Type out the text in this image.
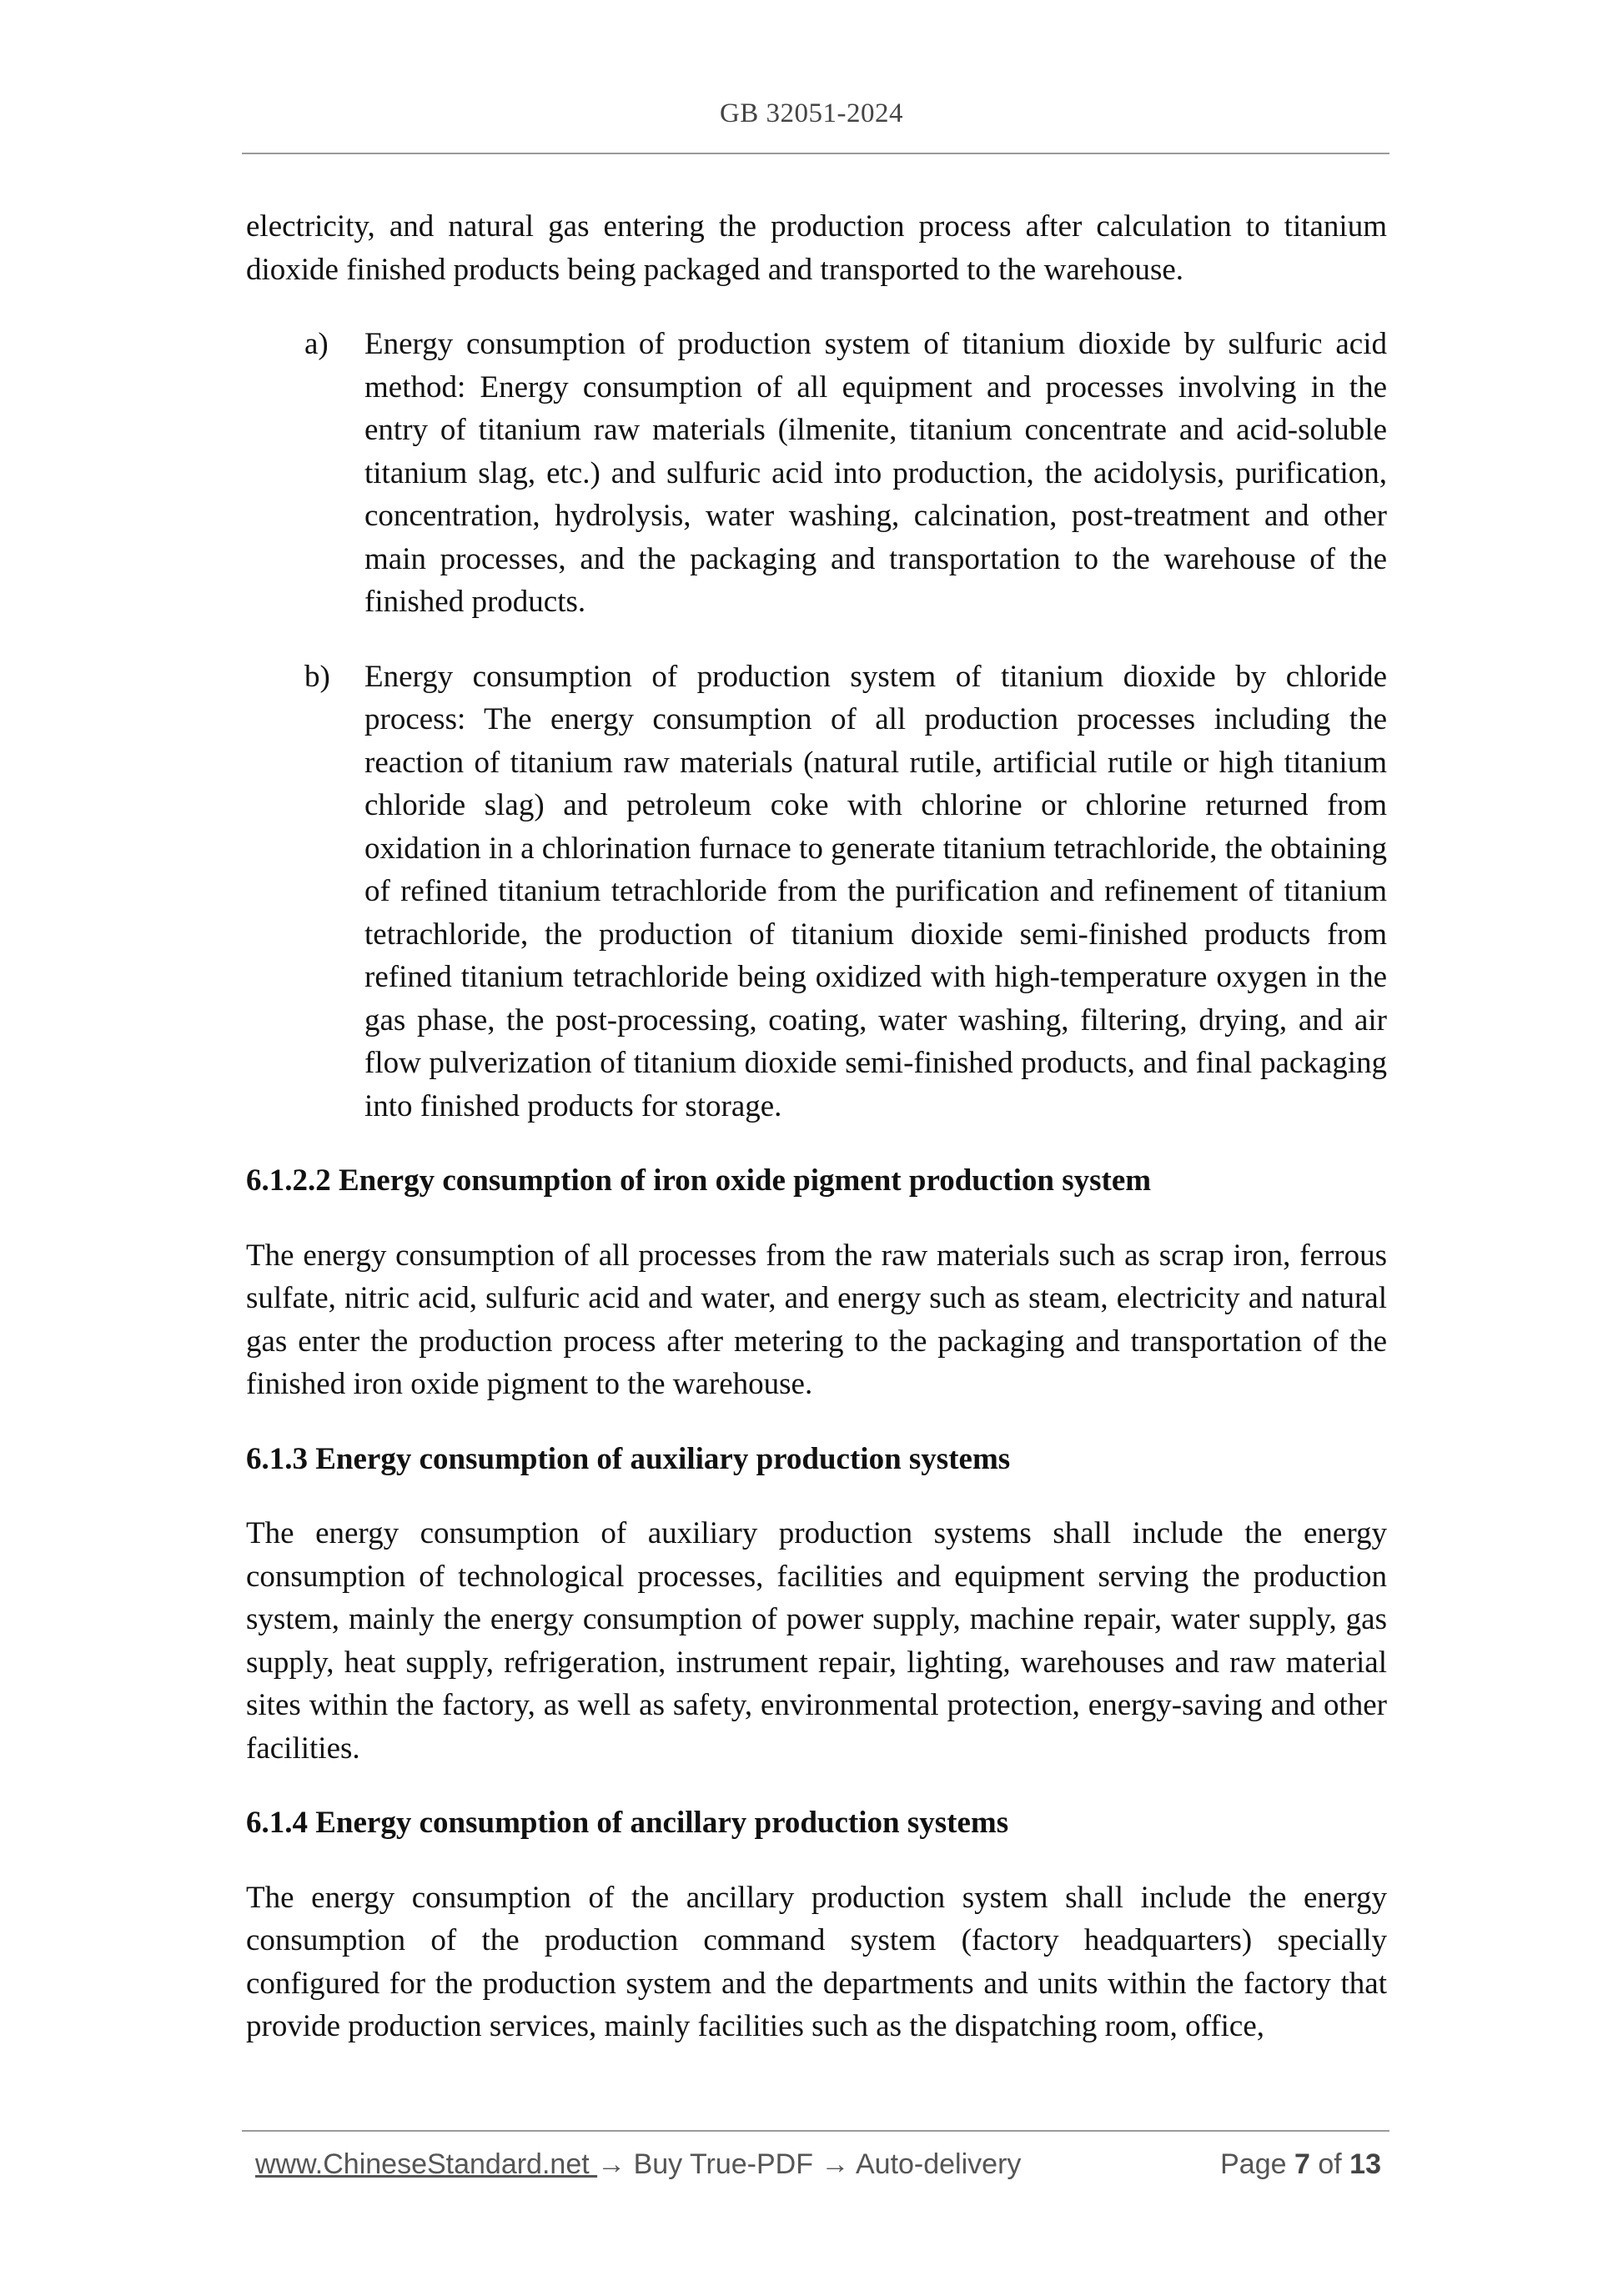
GB 32051-2024

electricity, and natural gas entering the production process after calculation to titanium dioxide finished products being packaged and transported to the warehouse.

a)	Energy consumption of production system of titanium dioxide by sulfuric acid method: Energy consumption of all equipment and processes involving in the entry of titanium raw materials (ilmenite, titanium concentrate and acid-soluble titanium slag, etc.) and sulfuric acid into production, the acidolysis, purification, concentration, hydrolysis, water washing, calcination, post-treatment and other main processes, and the packaging and transportation to the warehouse of the finished products.
b)	Energy consumption of production system of titanium dioxide by chloride process: The energy consumption of all production processes including the reaction of titanium raw materials (natural rutile, artificial rutile or high titanium chloride slag) and petroleum coke with chlorine or chlorine returned from oxidation in a chlorination furnace to generate titanium tetrachloride, the obtaining of refined titanium tetrachloride from the purification and refinement of titanium tetrachloride, the production of titanium dioxide semi-finished products from refined titanium tetrachloride being oxidized with high-temperature oxygen in the gas phase, the post-processing, coating, water washing, filtering, drying, and air flow pulverization of titanium dioxide semi-finished products, and final packaging into finished products for storage.
6.1.2.2 Energy consumption of iron oxide pigment production system

The energy consumption of all processes from the raw materials such as scrap iron, ferrous sulfate, nitric acid, sulfuric acid and water, and energy such as steam, electricity and natural gas enter the production process after metering to the packaging and transportation of the finished iron oxide pigment to the warehouse.

6.1.3 Energy consumption of auxiliary production systems

The energy consumption of auxiliary production systems shall include the energy consumption of technological processes, facilities and equipment serving the production system, mainly the energy consumption of power supply, machine repair, water supply, gas supply, heat supply, refrigeration, instrument repair, lighting, warehouses and raw material sites within the factory, as well as safety, environmental protection, energy-saving and other facilities.

6.1.4 Energy consumption of ancillary production systems

The energy consumption of the ancillary production system shall include the energy consumption of the production command system (factory headquarters) specially configured for the production system and the departments and units within the factory that provide production services, mainly facilities such as the dispatching room, office,

www.ChineseStandard.net → Buy True-PDF → Auto-delivery	Page 7 of 13
